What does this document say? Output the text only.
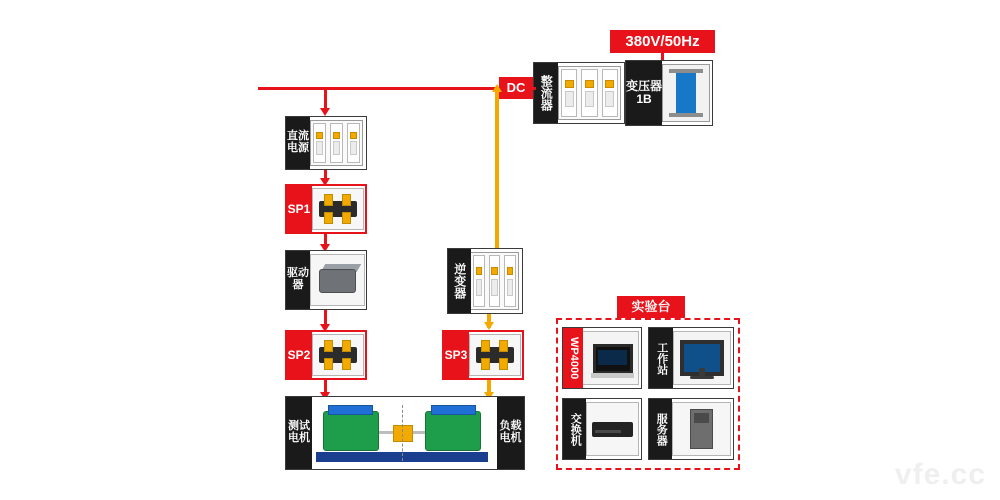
380V/50Hz
变压器
1B
整流器
DC
直流
电源
SP1
驱动
器
SP2
逆变器
SP3
测试
电机
负载
电机
实验台
WP4000	工作站
交换机	服务器
vfe.cc
